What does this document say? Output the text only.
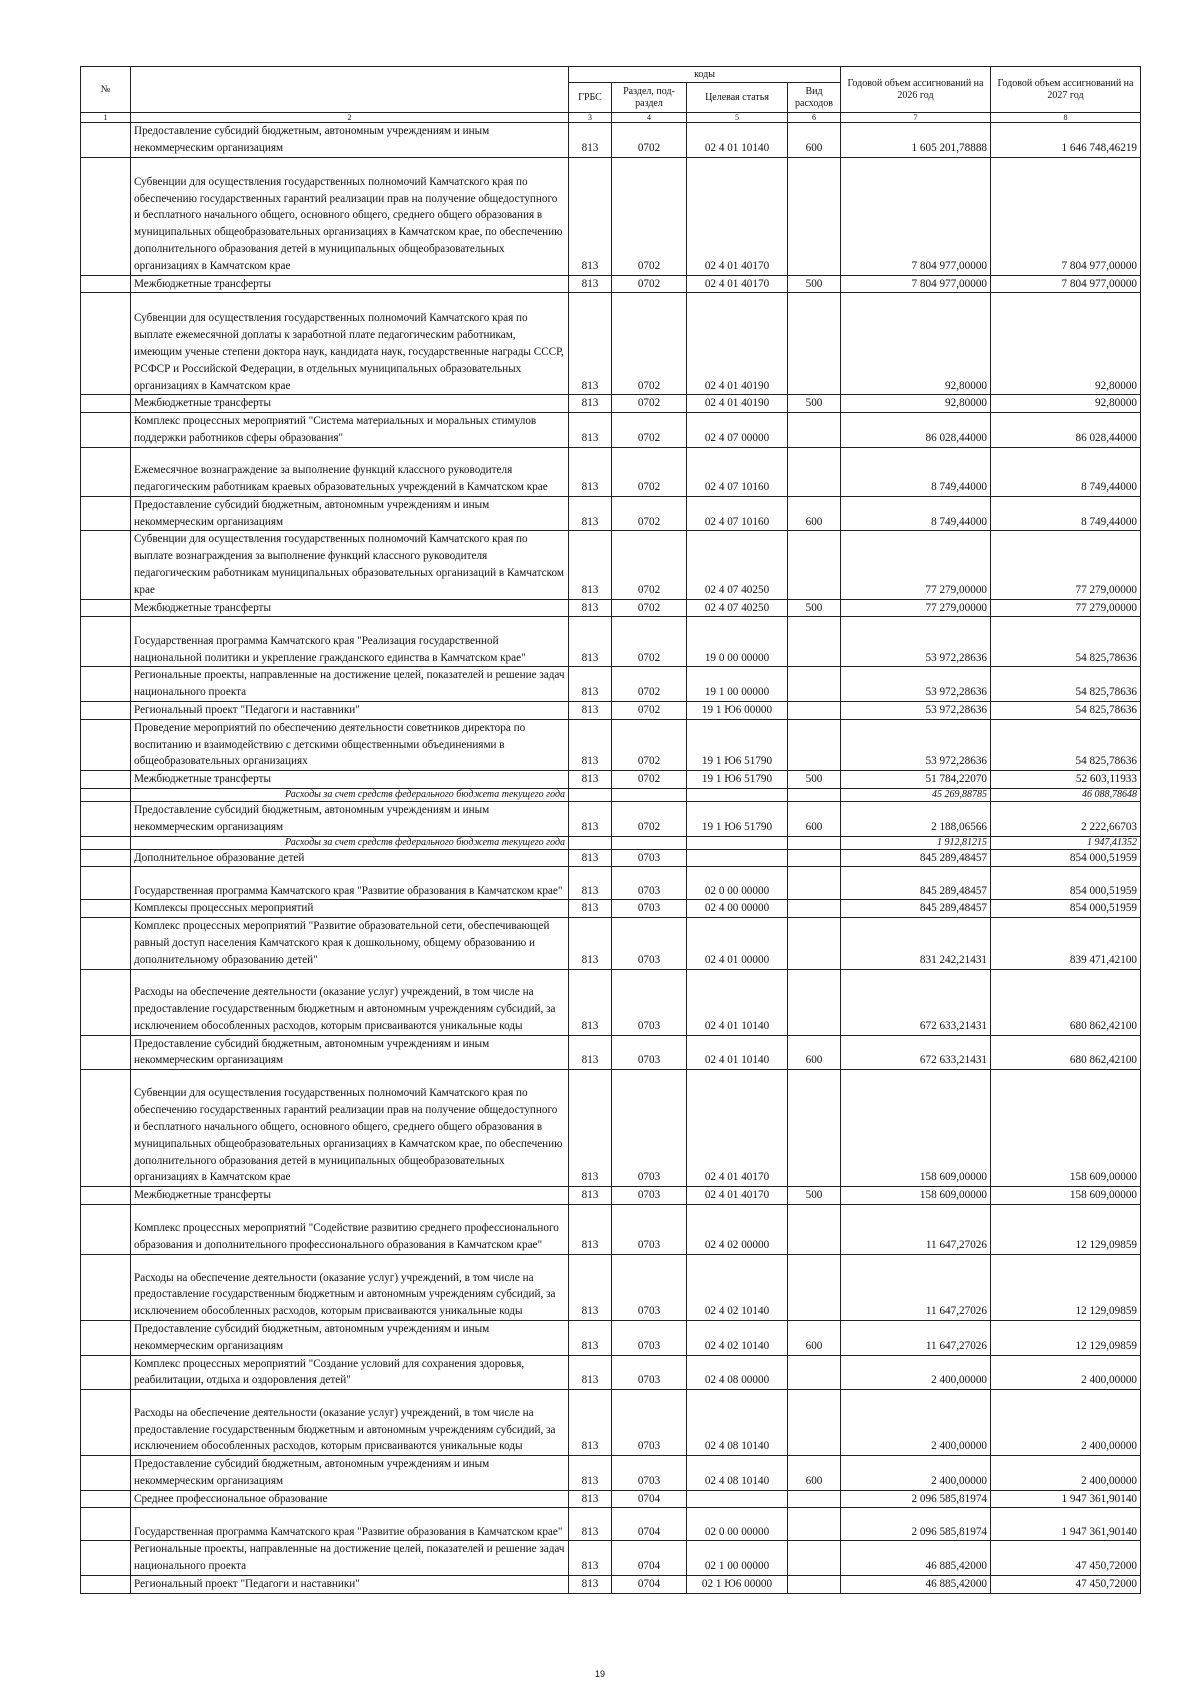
№		коды				Годовой объем ассигнований на 2026 год	Годовой объем ассигнований на 2027 год
		ГРБС	Раздел, под-раздел	Целевая статья	Вид расходов		
1	2	3	4	5	6	7	8
	Предоставление субсидий бюджетным, автономным учреждениям и иным некоммерческим организациям	813	0702	02 4 01 10140	600	1 605 201,78888	1 646 748,46219
	Субвенции для осуществления государственных полномочий Камчатского края по обеспечению государственных гарантий реализации прав на получение общедоступного и бесплатного начального общего, основного общего, среднего общего образования в муниципальных общеобразовательных организациях в Камчатском крае, по обеспечению дополнительного образования детей в муниципальных общеобразовательных организациях в Камчатском крае	813	0702	02 4 01 40170		7 804 977,00000	7 804 977,00000
	Межбюджетные трансферты	813	0702	02 4 01 40170	500	7 804 977,00000	7 804 977,00000
	Субвенции для осуществления государственных полномочий Камчатского края по выплате ежемесячной доплаты к заработной плате педагогическим работникам, имеющим ученые степени доктора наук, кандидата наук, государственные награды СССР, РСФСР и Российской Федерации, в отдельных муниципальных образовательных организациях в Камчатском крае	813	0702	02 4 01 40190		92,80000	92,80000
	Межбюджетные трансферты	813	0702	02 4 01 40190	500	92,80000	92,80000
	Комплекс процессных мероприятий "Система материальных и моральных стимулов поддержки работников сферы образования"	813	0702	02 4 07 00000		86 028,44000	86 028,44000
	Ежемесячное вознаграждение за выполнение функций классного руководителя педагогическим работникам краевых образовательных учреждений в Камчатском крае	813	0702	02 4 07 10160		8 749,44000	8 749,44000
	Предоставление субсидий бюджетным, автономным учреждениям и иным некоммерческим организациям	813	0702	02 4 07 10160	600	8 749,44000	8 749,44000
	Субвенции для осуществления государственных полномочий Камчатского края по выплате вознаграждения за выполнение функций классного руководителя педагогическим работникам муниципальных образовательных организаций в Камчатском крае	813	0702	02 4 07 40250		77 279,00000	77 279,00000
	Межбюджетные трансферты	813	0702	02 4 07 40250	500	77 279,00000	77 279,00000
	Государственная программа Камчатского края "Реализация государственной национальной политики и укрепление гражданского единства в Камчатском крае"	813	0702	19 0 00 00000		53 972,28636	54 825,78636
	Региональные проекты, направленные на достижение целей, показателей и решение задач национального проекта	813	0702	19 1 00 00000		53 972,28636	54 825,78636
	Региональный проект "Педагоги и наставники"	813	0702	19 1 Ю6 00000		53 972,28636	54 825,78636
	Проведение мероприятий по обеспечению деятельности советников директора по воспитанию и взаимодействию с детскими общественными объединениями в общеобразовательных организациях	813	0702	19 1 Ю6 51790		53 972,28636	54 825,78636
	Межбюджетные трансферты	813	0702	19 1 Ю6 51790	500	51 784,22070	52 603,11933
	Расходы за счет средств федерального бюджета текущего года					45 269,88785	46 088,78648
	Предоставление субсидий бюджетным, автономным учреждениям и иным некоммерческим организациям	813	0702	19 1 Ю6 51790	600	2 188,06566	2 222,66703
	Расходы за счет средств федерального бюджета текущего года					1 912,81215	1 947,41352
	Дополнительное образование детей	813	0703			845 289,48457	854 000,51959
	Государственная программа Камчатского края "Развитие образования в Камчатском крае"	813	0703	02 0 00 00000		845 289,48457	854 000,51959
	Комплексы процессных мероприятий	813	0703	02 4 00 00000		845 289,48457	854 000,51959
	Комплекс процессных мероприятий "Развитие образовательной сети, обеспечивающей равный доступ населения Камчатского края к дошкольному, общему образованию и дополнительному образованию детей"	813	0703	02 4 01 00000		831 242,21431	839 471,42100
	Расходы на обеспечение деятельности (оказание услуг) учреждений, в том числе на предоставление государственным бюджетным и автономным учреждениям субсидий, за исключением обособленных расходов, которым присваиваются уникальные коды	813	0703	02 4 01 10140		672 633,21431	680 862,42100
	Предоставление субсидий бюджетным, автономным учреждениям и иным некоммерческим организациям	813	0703	02 4 01 10140	600	672 633,21431	680 862,42100
	Субвенции для осуществления государственных полномочий Камчатского края по обеспечению государственных гарантий реализации прав на получение общедоступного и бесплатного начального общего, основного общего, среднего общего образования в муниципальных общеобразовательных организациях в Камчатском крае, по обеспечению дополнительного образования детей в муниципальных общеобразовательных организациях в Камчатском крае	813	0703	02 4 01 40170		158 609,00000	158 609,00000
	Межбюджетные трансферты	813	0703	02 4 01 40170	500	158 609,00000	158 609,00000
	Комплекс процессных мероприятий "Содействие развитию среднего профессионального образования и дополнительного профессионального образования в Камчатском крае"	813	0703	02 4 02 00000		11 647,27026	12 129,09859
	Расходы на обеспечение деятельности (оказание услуг) учреждений, в том числе на предоставление государственным бюджетным и автономным учреждениям субсидий, за исключением обособленных расходов, которым присваиваются уникальные коды	813	0703	02 4 02 10140		11 647,27026	12 129,09859
	Предоставление субсидий бюджетным, автономным учреждениям и иным некоммерческим организациям	813	0703	02 4 02 10140	600	11 647,27026	12 129,09859
	Комплекс процессных мероприятий "Создание условий для сохранения здоровья, реабилитации, отдыха и оздоровления детей"	813	0703	02 4 08 00000		2 400,00000	2 400,00000
	Расходы на обеспечение деятельности (оказание услуг) учреждений, в том числе на предоставление государственным бюджетным и автономным учреждениям субсидий, за исключением обособленных расходов, которым присваиваются уникальные коды	813	0703	02 4 08 10140		2 400,00000	2 400,00000
	Предоставление субсидий бюджетным, автономным учреждениям и иным некоммерческим организациям	813	0703	02 4 08 10140	600	2 400,00000	2 400,00000
	Среднее профессиональное образование	813	0704			2 096 585,81974	1 947 361,90140
	Государственная программа Камчатского края "Развитие образования в Камчатском крае"	813	0704	02 0 00 00000		2 096 585,81974	1 947 361,90140
	Региональные проекты, направленные на достижение целей, показателей и решение задач национального проекта	813	0704	02 1 00 00000		46 885,42000	47 450,72000
	Региональный проект "Педагоги и наставники"	813	0704	02 1 Ю6 00000		46 885,42000	47 450,72000
19
